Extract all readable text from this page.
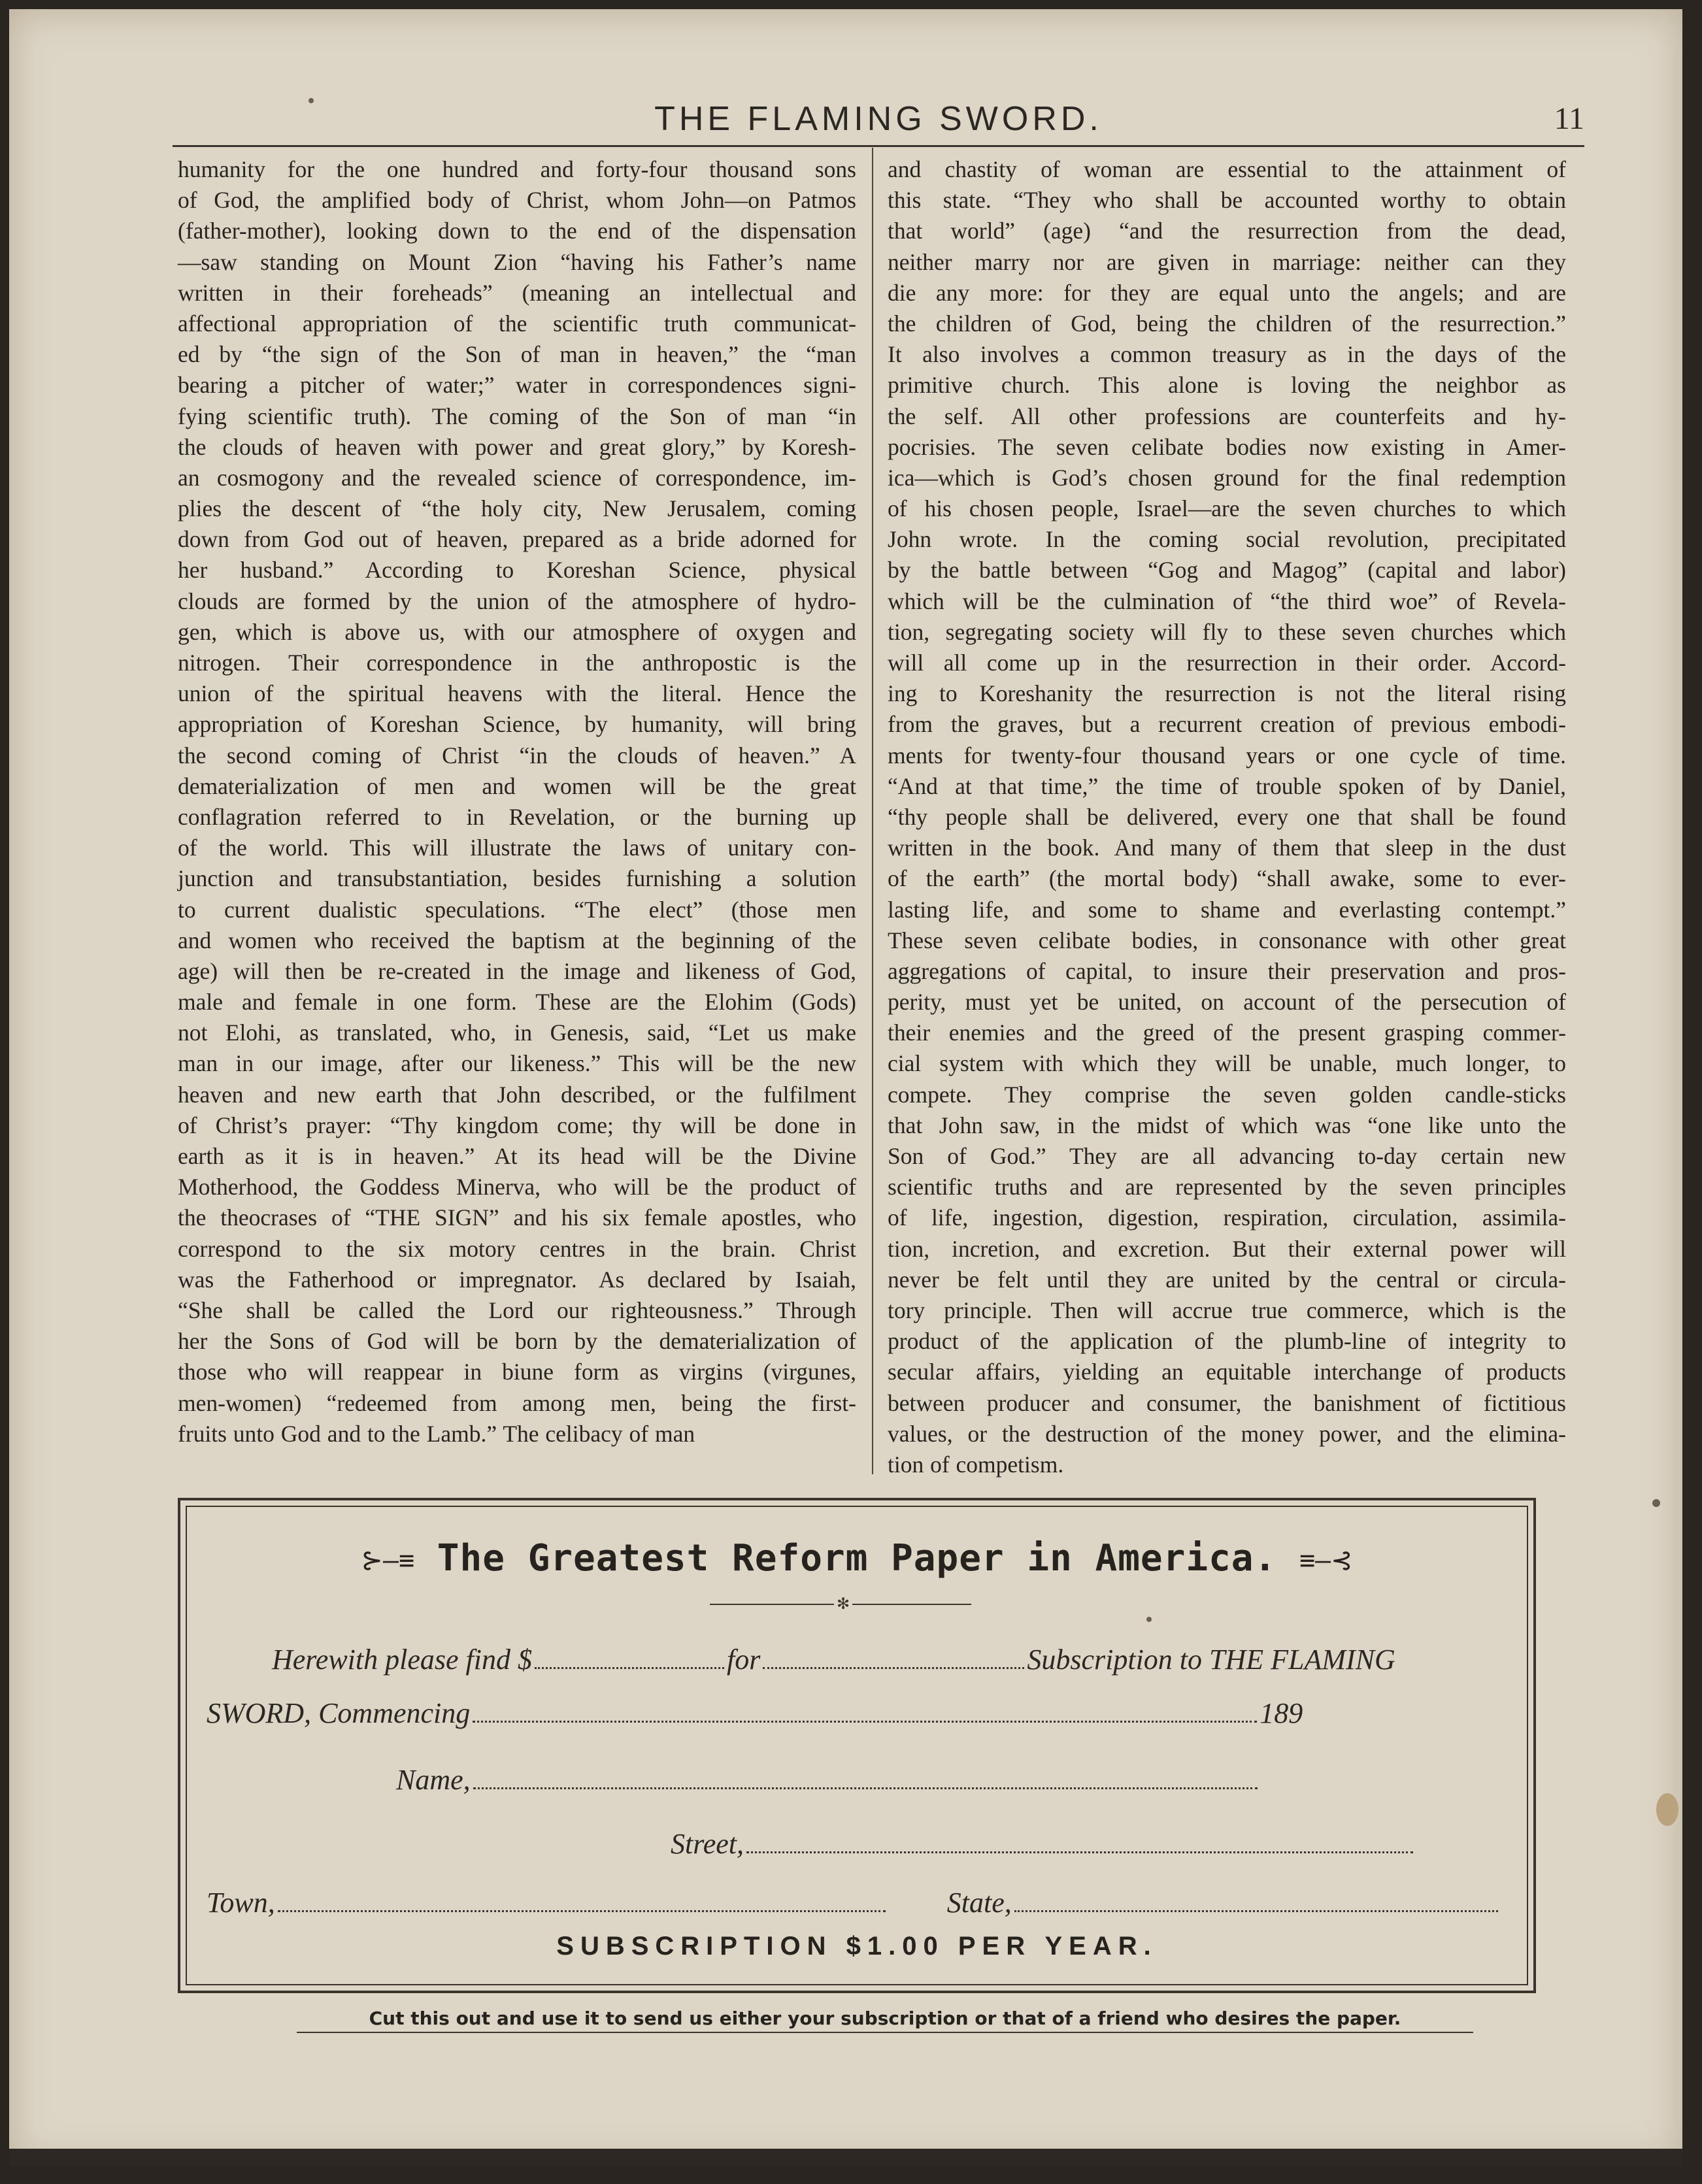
THE FLAMING SWORD.	11
humanity for the one hundred and forty-four thousand sons
of God, the amplified body of Christ, whom John—on Patmos
(father-mother), looking down to the end of the dispensation
—saw standing on Mount Zion “having his Father’s name
written in their foreheads” (meaning an intellectual and
affectional appropriation of the scientific truth communicat-
ed by “the sign of the Son of man in heaven,” the “man
bearing a pitcher of water;” water in correspondences signi-
fying scientific truth). The coming of the Son of man “in
the clouds of heaven with power and great glory,” by Koresh-
an cosmogony and the revealed science of correspondence, im-
plies the descent of “the holy city, New Jerusalem, coming
down from God out of heaven, prepared as a bride adorned for
her husband.” According to Koreshan Science, physical
clouds are formed by the union of the atmosphere of hydro-
gen, which is above us, with our atmosphere of oxygen and
nitrogen. Their correspondence in the anthropostic is the
union of the spiritual heavens with the literal. Hence the
appropriation of Koreshan Science, by humanity, will bring
the second coming of Christ “in the clouds of heaven.” A
dematerialization of men and women will be the great
conflagration referred to in Revelation, or the burning up
of the world. This will illustrate the laws of unitary con-
junction and transubstantiation, besides furnishing a solution
to current dualistic speculations. “The elect” (those men
and women who received the baptism at the beginning of the
age) will then be re-created in the image and likeness of God,
male and female in one form. These are the Elohim (Gods)
not Elohi, as translated, who, in Genesis, said, “Let us make
man in our image, after our likeness.” This will be the new
heaven and new earth that John described, or the fulfilment
of Christ’s prayer: “Thy kingdom come; thy will be done in
earth as it is in heaven.” At its head will be the Divine
Motherhood, the Goddess Minerva, who will be the product of
the theocrases of “THE SIGN” and his six female apostles, who
correspond to the six motory centres in the brain. Christ
was the Fatherhood or impregnator. As declared by Isaiah,
“She shall be called the Lord our righteousness.” Through
her the Sons of God will be born by the dematerialization of
those who will reappear in biune form as virgins (virgunes,
men-women) “redeemed from among men, being the first-
fruits unto God and to the Lamb.” The celibacy of man
and chastity of woman are essential to the attainment of
this state. “They who shall be accounted worthy to obtain
that world” (age) “and the resurrection from the dead,
neither marry nor are given in marriage: neither can they
die any more: for they are equal unto the angels; and are
the children of God, being the children of the resurrection.”
It also involves a common treasury as in the days of the
primitive church. This alone is loving the neighbor as
the self. All other professions are counterfeits and hy-
pocrisies. The seven celibate bodies now existing in Amer-
ica—which is God’s chosen ground for the final redemption
of his chosen people, Israel—are the seven churches to which
John wrote. In the coming social revolution, precipitated
by the battle between “Gog and Magog” (capital and labor)
which will be the culmination of “the third woe” of Revela-
tion, segregating society will fly to these seven churches which
will all come up in the resurrection in their order. Accord-
ing to Koreshanity the resurrection is not the literal rising
from the graves, but a recurrent creation of previous embodi-
ments for twenty-four thousand years or one cycle of time.
“And at that time,” the time of trouble spoken of by Daniel,
“thy people shall be delivered, every one that shall be found
written in the book. And many of them that sleep in the dust
of the earth” (the mortal body) “shall awake, some to ever-
lasting life, and some to shame and everlasting contempt.”
These seven celibate bodies, in consonance with other great
aggregations of capital, to insure their preservation and pros-
perity, must yet be united, on account of the persecution of
their enemies and the greed of the present grasping commer-
cial system with which they will be unable, much longer, to
compete. They comprise the seven golden candle-sticks
that John saw, in the midst of which was “one like unto the
Son of God.” They are all advancing to-day certain new
scientific truths and are represented by the seven principles
of life, ingestion, digestion, respiration, circulation, assimila-
tion, incretion, and excretion. But their external power will
never be felt until they are united by the central or circula-
tory principle. Then will accrue true commerce, which is the
product of the application of the plumb-line of integrity to
secular affairs, yielding an equitable interchange of products
between producer and consumer, the banishment of fictitious
values, or the destruction of the money power, and the elimina-
tion of competism.
⊱—≡ The Greatest Reform Paper in America. ≡—⊰
✻
Herewith please find $	for	Subscription to THE FLAMING
SWORD, Commencing	189
Name,
Street,
Town,	State,
SUBSCRIPTION $1.00 PER YEAR.
Cut this out and use it to send us either your subscription or that of a friend who desires the paper.
